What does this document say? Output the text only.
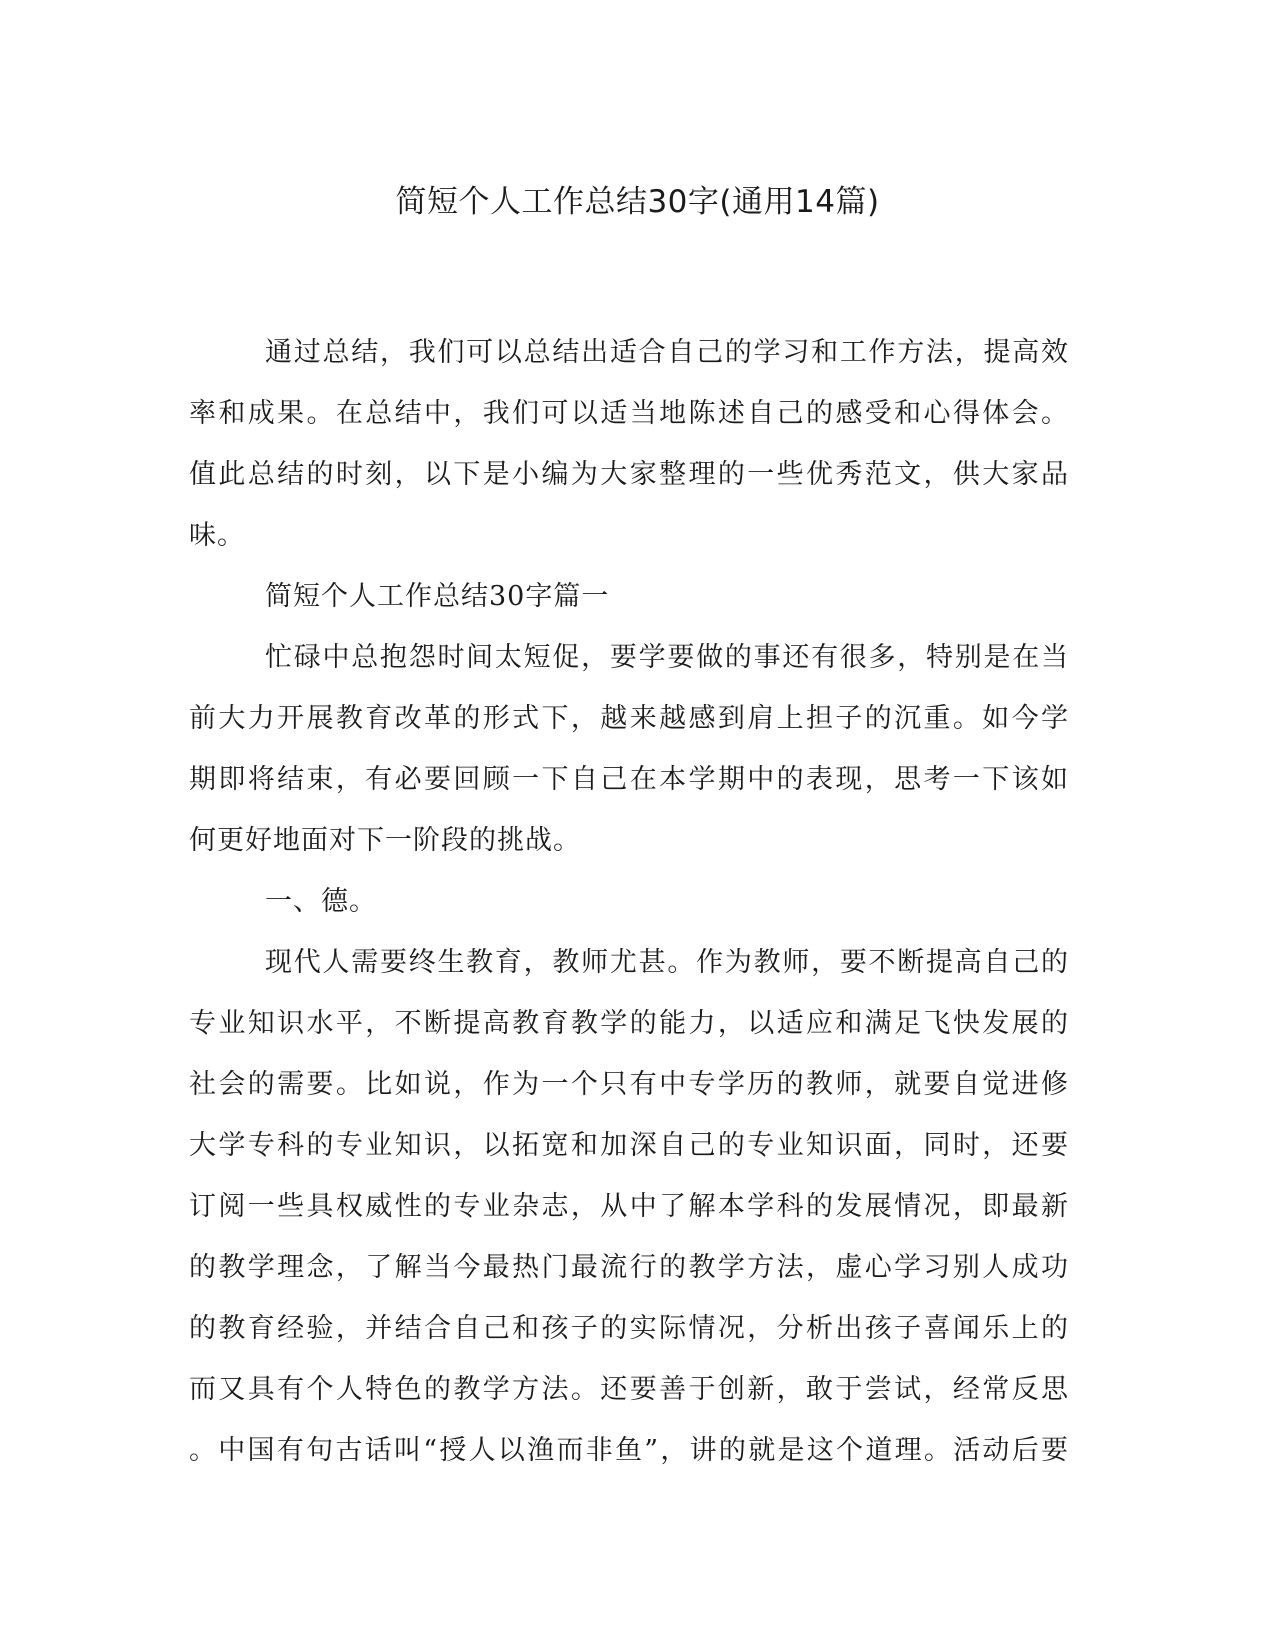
简短个人工作总结30字(通用14篇)
通过总结，我们可以总结出适合自己的学习和工作方法，提高效
率和成果。在总结中，我们可以适当地陈述自己的感受和心得体会。
值此总结的时刻，以下是小编为大家整理的一些优秀范文，供大家品
味。
简短个人工作总结30字篇一
忙碌中总抱怨时间太短促，要学要做的事还有很多，特别是在当
前大力开展教育改革的形式下，越来越感到肩上担子的沉重。如今学
期即将结束，有必要回顾一下自己在本学期中的表现，思考一下该如
何更好地面对下一阶段的挑战。
一、德。
现代人需要终生教育，教师尤甚。作为教师，要不断提高自己的
专业知识水平，不断提高教育教学的能力，以适应和满足飞快发展的
社会的需要。比如说，作为一个只有中专学历的教师，就要自觉进修
大学专科的专业知识，以拓宽和加深自己的专业知识面，同时，还要
订阅一些具权威性的专业杂志，从中了解本学科的发展情况，即最新
的教学理念，了解当今最热门最流行的教学方法，虚心学习别人成功
的教育经验，并结合自己和孩子的实际情况，分析出孩子喜闻乐上的
而又具有个人特色的教学方法。还要善于创新，敢于尝试，经常反思
。中国有句古话叫“授人以渔而非鱼”，讲的就是这个道理。活动后要
